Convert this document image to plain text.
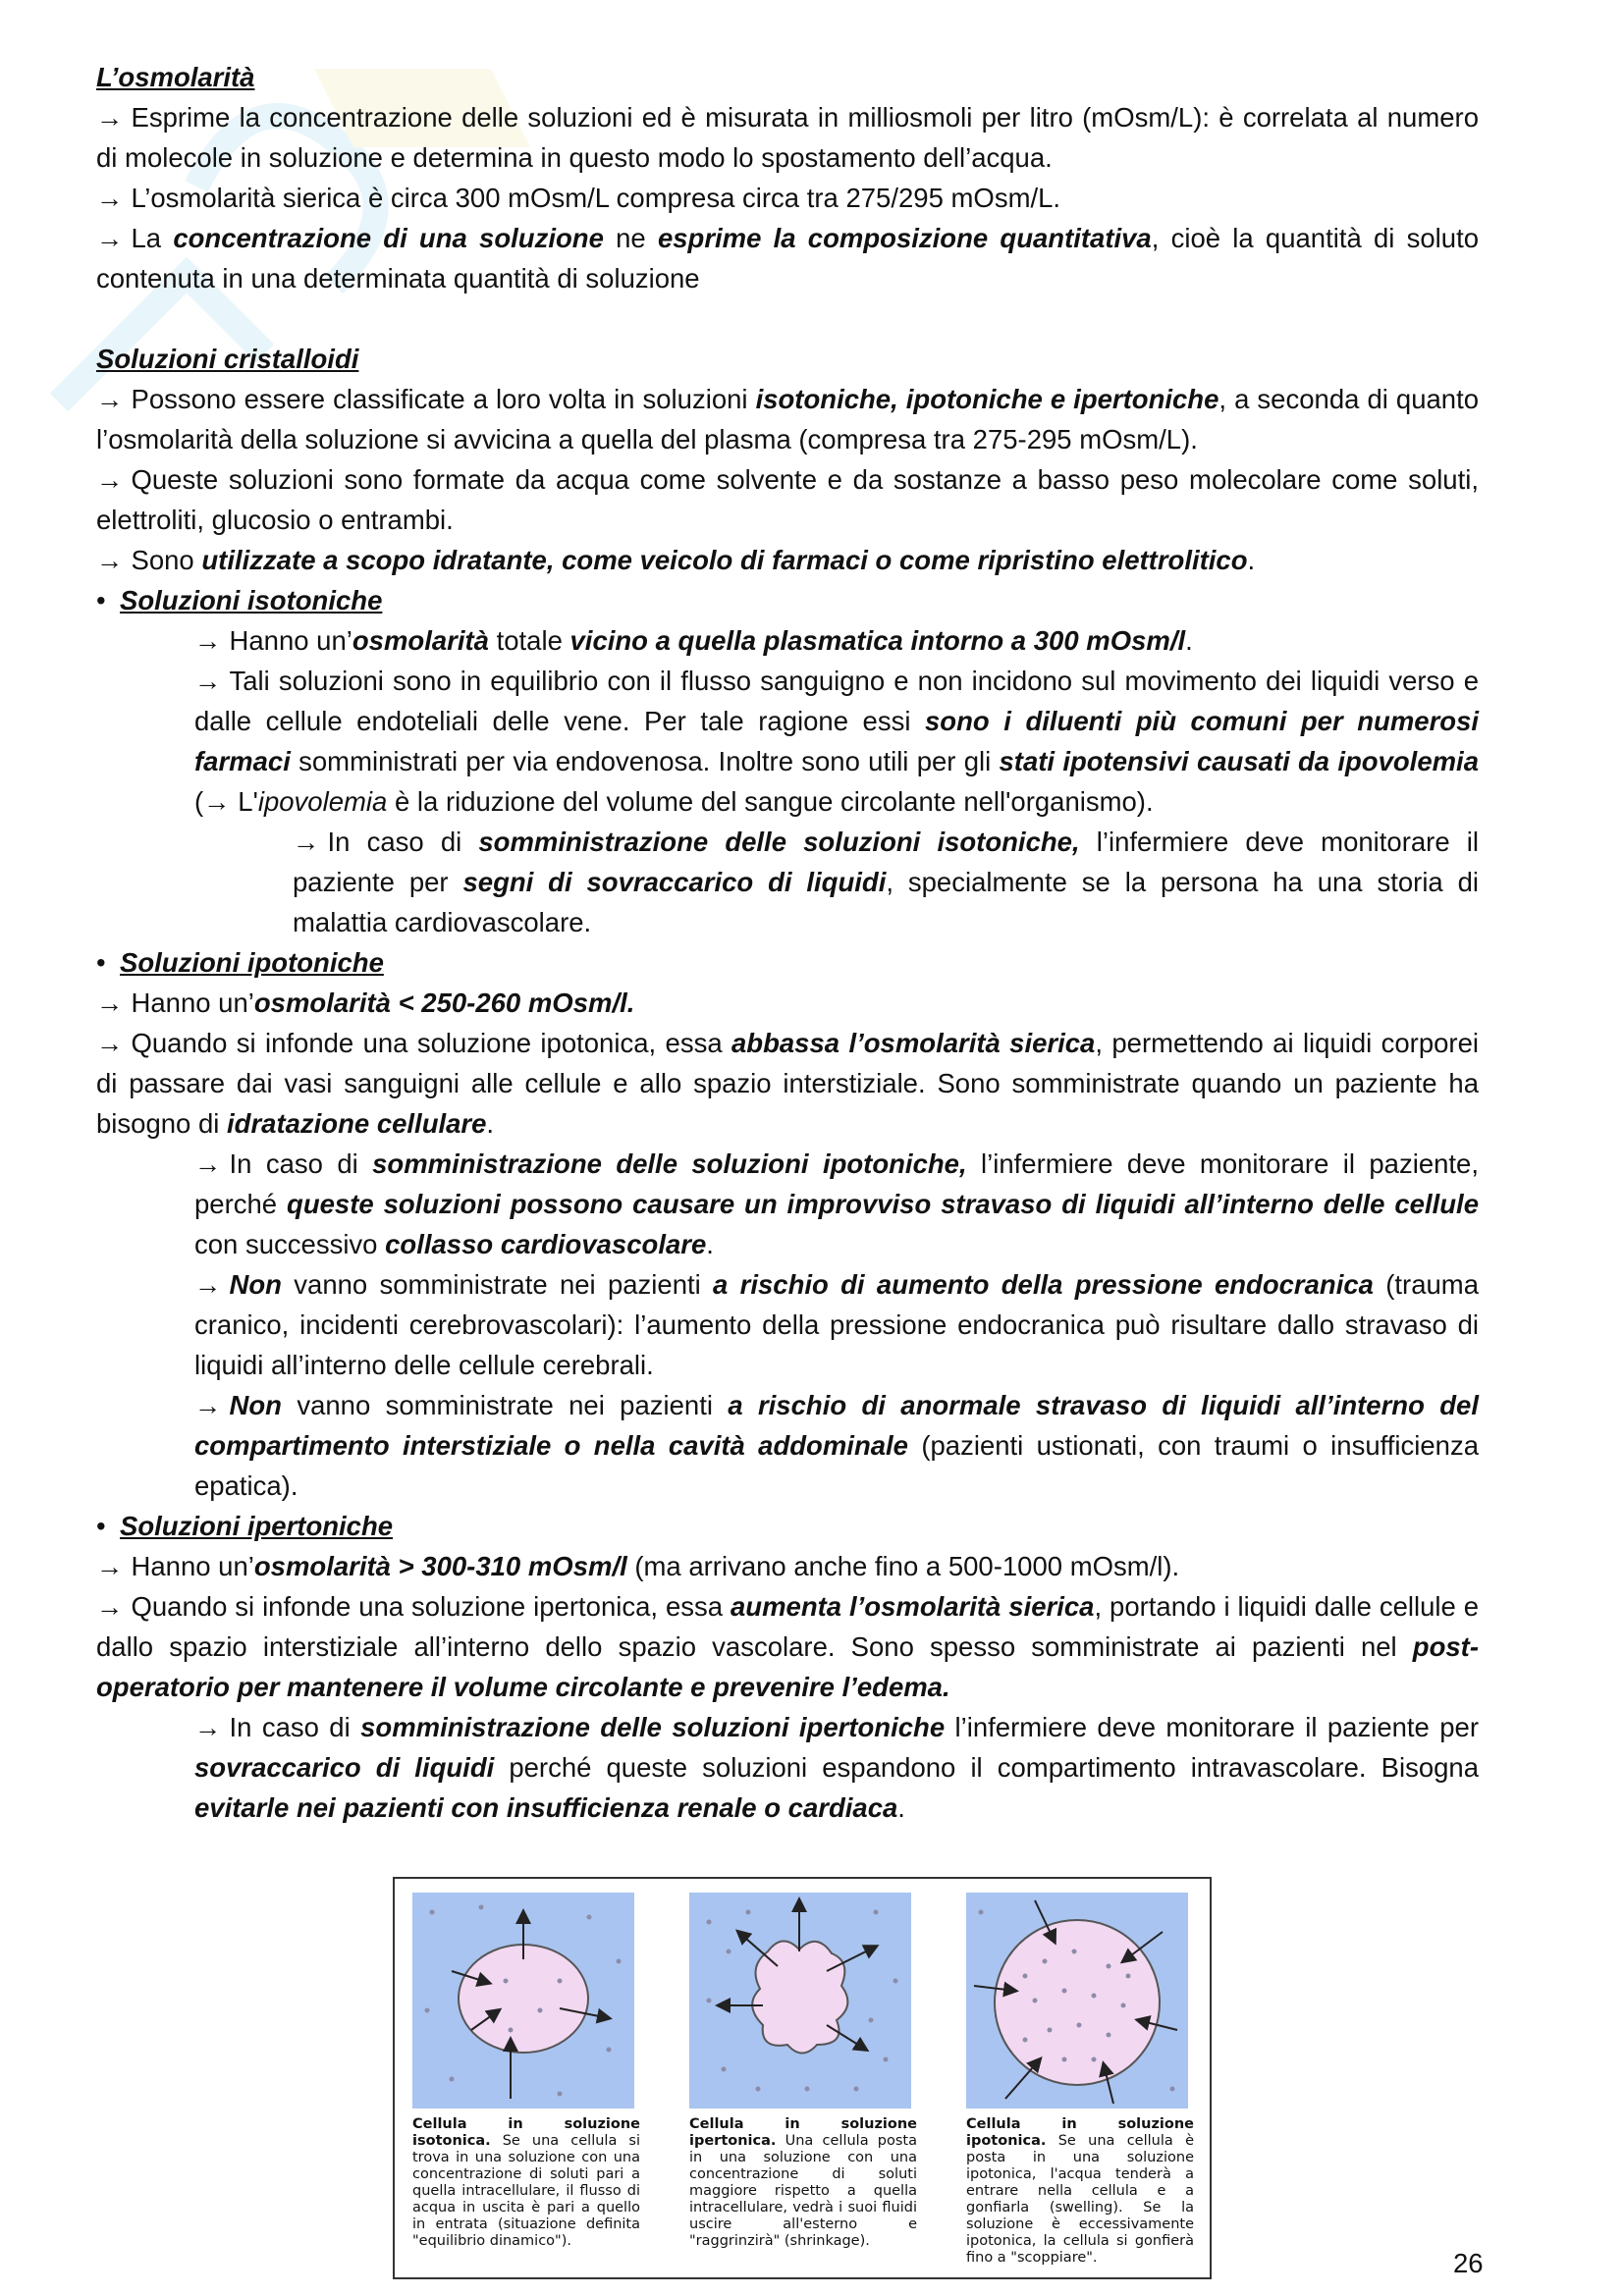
L’osmolarità

→ Esprime la concentrazione delle soluzioni ed è misurata in milliosmoli per litro (mOsm/L): è correlata al numero di molecole in soluzione e determina in questo modo lo spostamento dell’acqua.

→ L’osmolarità sierica è circa 300 mOsm/L compresa circa tra 275/295 mOsm/L.

→ La concentrazione di una soluzione ne esprime la composizione quantitativa, cioè la quantità di soluto contenuta in una determinata quantità di soluzione

Soluzioni cristalloidi

→ Possono essere classificate a loro volta in soluzioni isotoniche, ipotoniche e ipertoniche, a seconda di quanto l’osmolarità della soluzione si avvicina a quella del plasma (compresa tra 275-295 mOsm/L).

→ Queste soluzioni sono formate da acqua come solvente e da sostanze a basso peso molecolare come soluti, elettroliti, glucosio o entrambi.

→ Sono utilizzate a scopo idratante, come veicolo di farmaci o come ripristino elettrolitico.

• Soluzioni isotoniche

→ Hanno un’osmolarità totale vicino a quella plasmatica intorno a 300 mOsm/l.

→ Tali soluzioni sono in equilibrio con il flusso sanguigno e non incidono sul movimento dei liquidi verso e dalle cellule endoteliali delle vene. Per tale ragione essi sono i diluenti più comuni per numerosi farmaci somministrati per via endovenosa. Inoltre sono utili per gli stati ipotensivi causati da ipovolemia (→ L'ipovolemia è la riduzione del volume del sangue circolante nell'organismo).

→ In caso di somministrazione delle soluzioni isotoniche, l’infermiere deve monitorare il paziente per segni di sovraccarico di liquidi, specialmente se la persona ha una storia di malattia cardiovascolare.

• Soluzioni ipotoniche

→ Hanno un’osmolarità < 250-260 mOsm/l.

→ Quando si infonde una soluzione ipotonica, essa abbassa l’osmolarità sierica, permettendo ai liquidi corporei di passare dai vasi sanguigni alle cellule e allo spazio interstiziale. Sono somministrate quando un paziente ha bisogno di idratazione cellulare.

→ In caso di somministrazione delle soluzioni ipotoniche, l’infermiere deve monitorare il paziente, perché queste soluzioni possono causare un improvviso stravaso di liquidi all’interno delle cellule con successivo collasso cardiovascolare.

→ Non vanno somministrate nei pazienti a rischio di aumento della pressione endocranica (trauma cranico, incidenti cerebrovascolari): l’aumento della pressione endocranica può risultare dallo stravaso di liquidi all’interno delle cellule cerebrali.

→ Non vanno somministrate nei pazienti a rischio di anormale stravaso di liquidi all’interno del compartimento interstiziale o nella cavità addominale (pazienti ustionati, con traumi o insufficienza epatica).

• Soluzioni ipertoniche

→ Hanno un’osmolarità > 300-310 mOsm/l (ma arrivano anche fino a 500-1000 mOsm/l).

→ Quando si infonde una soluzione ipertonica, essa aumenta l’osmolarità sierica, portando i liquidi dalle cellule e dallo spazio interstiziale all’interno dello spazio vascolare. Sono spesso somministrate ai pazienti nel post-operatorio per mantenere il volume circolante e prevenire l’edema.

→ In caso di somministrazione delle soluzioni ipertoniche l’infermiere deve monitorare il paziente per sovraccarico di liquidi perché queste soluzioni espandono il compartimento intravascolare. Bisogna evitarle nei pazienti con insufficienza renale o cardiaca.

Cellula in soluzione isotonica. Se una cellula si trova in una soluzione con una concentrazione di soluti pari a quella intracellulare, il flusso di acqua in uscita è pari a quello in entrata (situazione definita "equilibrio dinamico").
Cellula in soluzione ipertonica. Una cellula posta in una soluzione con una concentrazione di soluti maggiore rispetto a quella intracellulare, vedrà i suoi fluidi uscire all'esterno e "raggrinzirà" (shrinkage).
Cellula in soluzione ipotonica. Se una cellula è posta in una soluzione ipotonica, l'acqua tenderà a entrare nella cellula e a gonfiarla (swelling). Se la soluzione è eccessivamente ipotonica, la cellula si gonfierà fino a "scoppiare".	26
